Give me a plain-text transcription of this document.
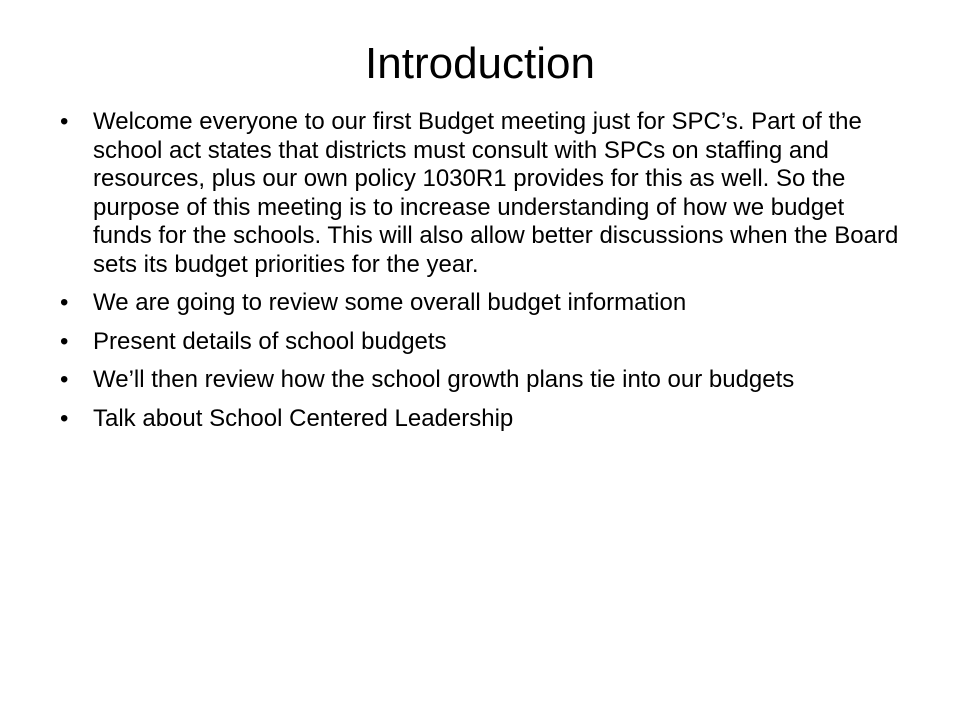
Introduction
•	Welcome everyone to our first Budget meeting just for SPC’s. Part of the school act states that districts must consult with SPCs on staffing and resources, plus our own policy 1030R1 provides for this as well. So the purpose of this meeting is to increase understanding of how we budget funds for the schools. This will also allow better discussions when the Board sets its budget priorities for the year.
•	We are going to review some overall budget information
•	Present details of school budgets
•	We’ll then review how the school growth plans tie into our budgets
•	Talk about School Centered Leadership
